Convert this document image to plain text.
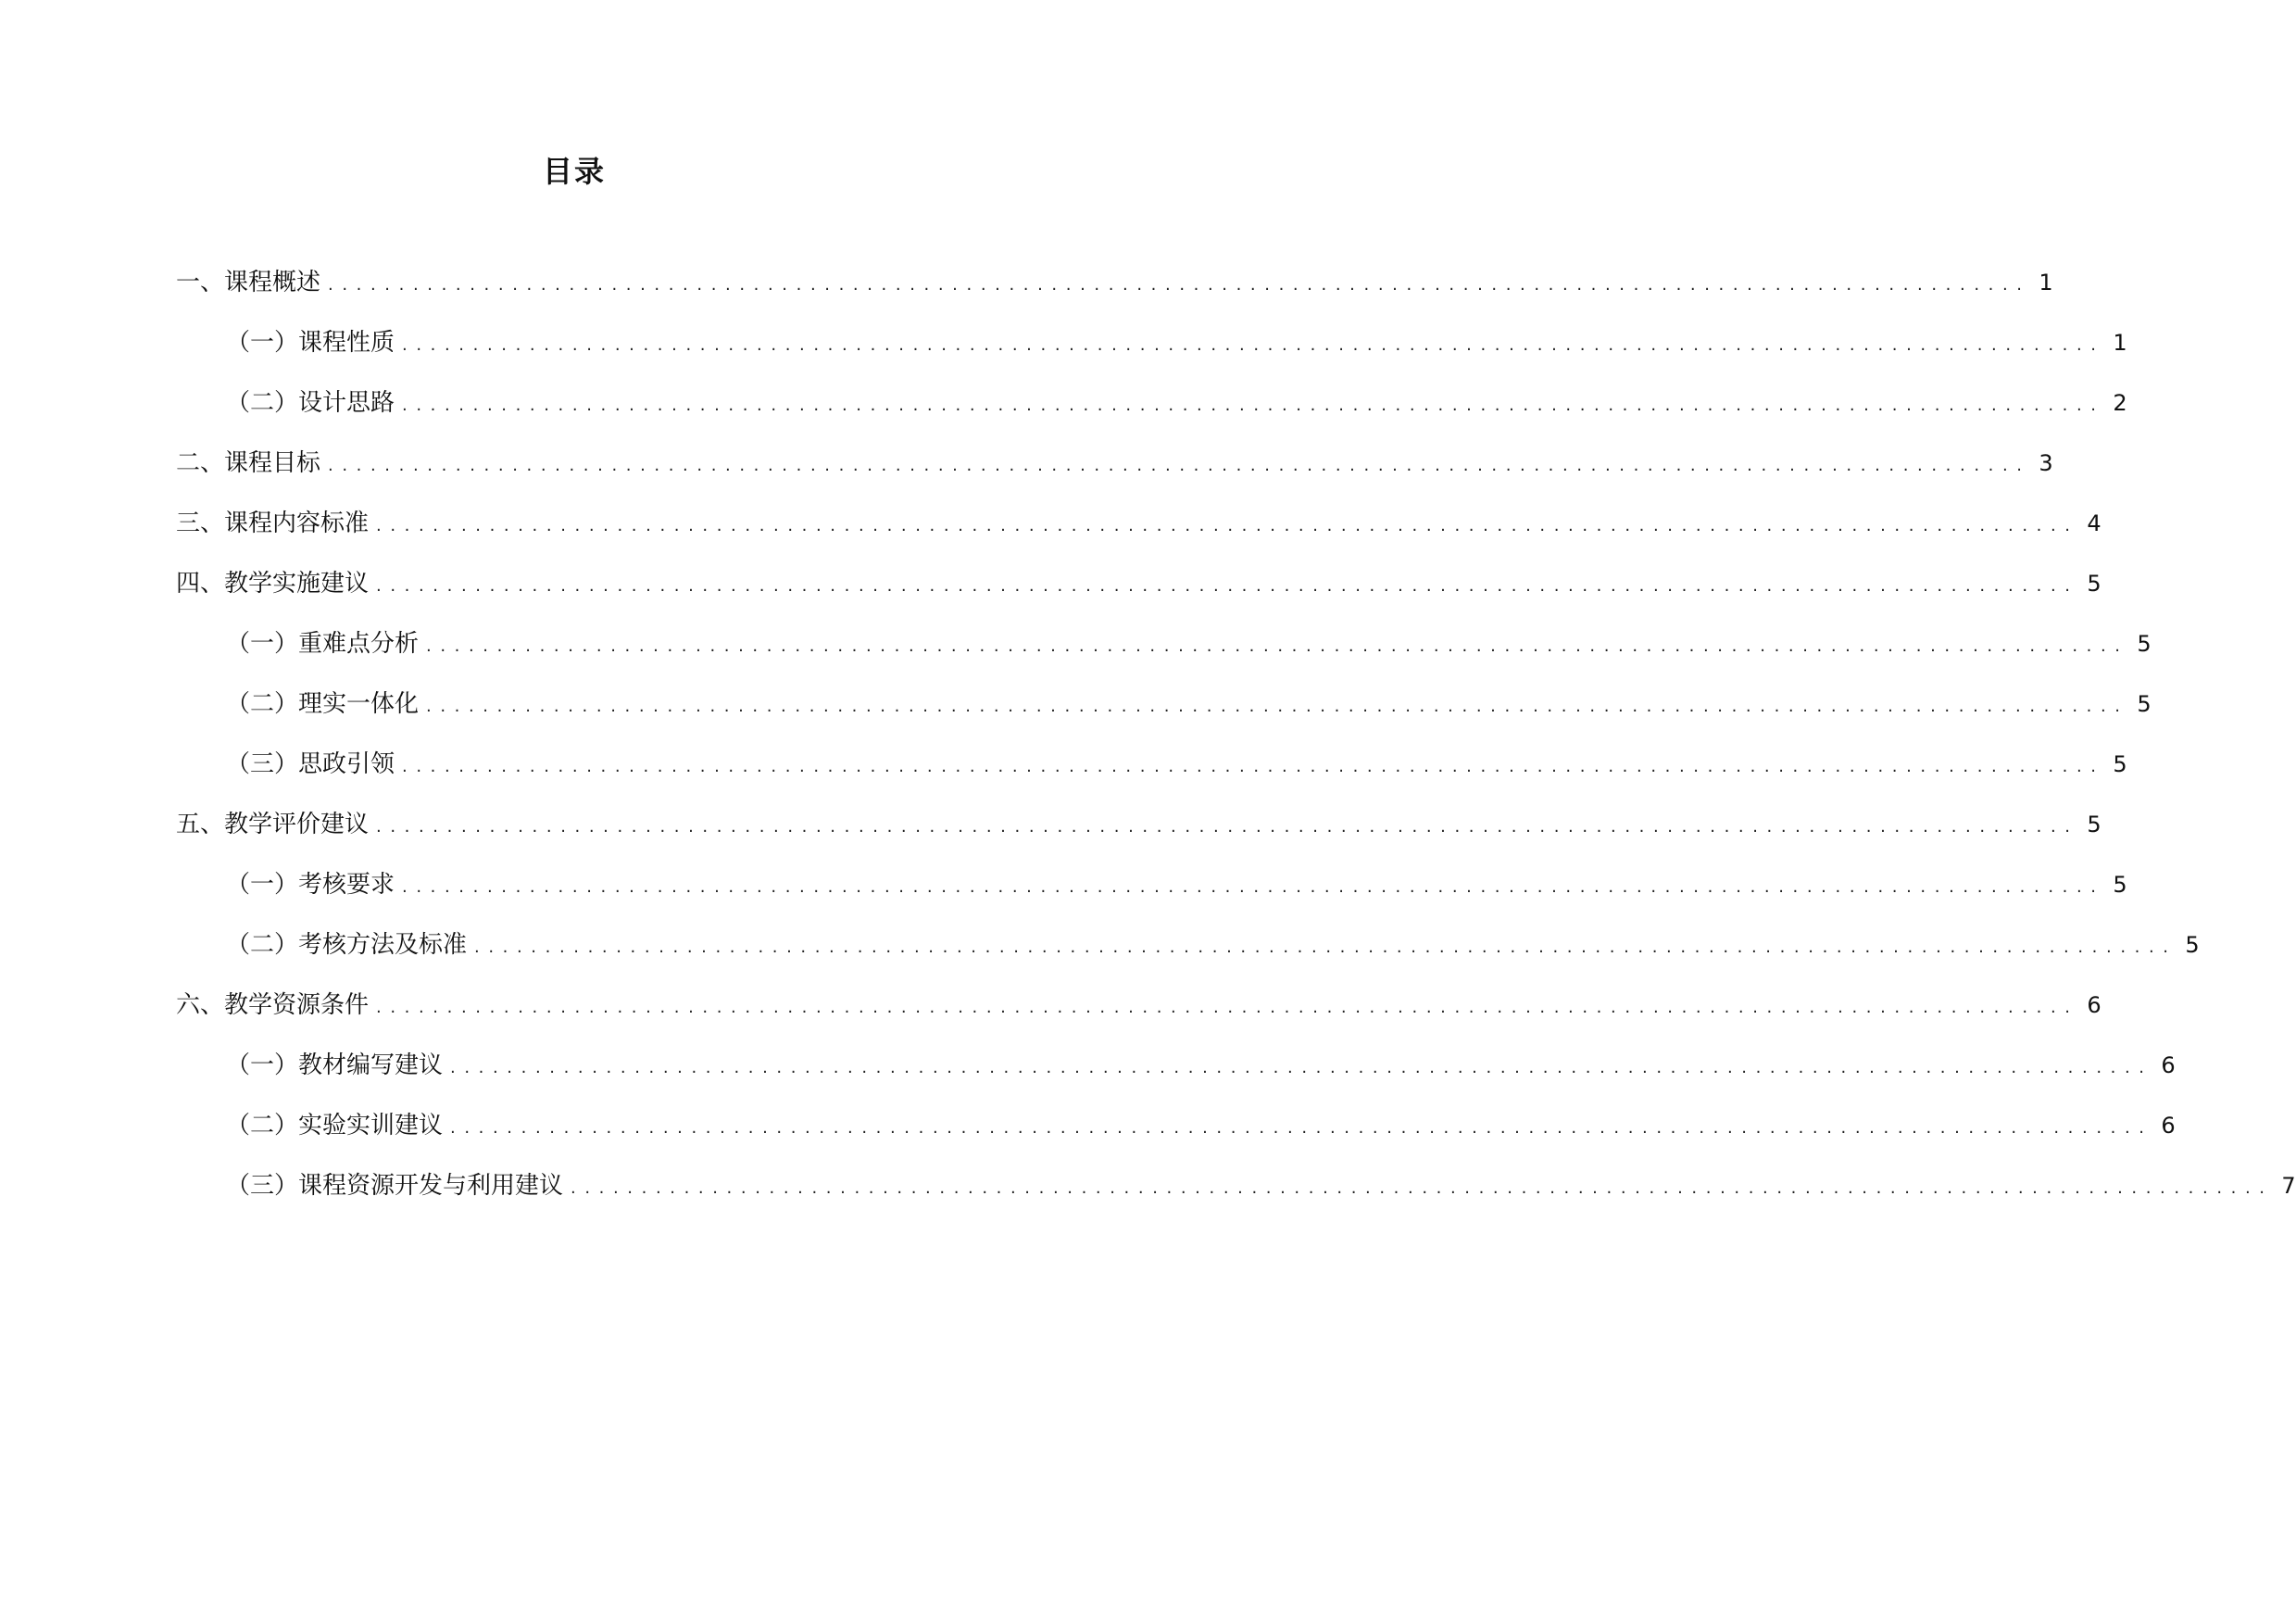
目录
一、课程概述 ........................................................................................................................ 1
（一）课程性质 ........................................................................................................................ 1
（二）设计思路 ........................................................................................................................ 2
二、课程目标 ........................................................................................................................ 3
三、课程内容标准 ........................................................................................................................ 4
四、教学实施建议 ........................................................................................................................ 5
（一）重难点分析 ........................................................................................................................ 5
（二）理实一体化 ........................................................................................................................ 5
（三）思政引领 ........................................................................................................................ 5
五、教学评价建议 ........................................................................................................................ 5
（一）考核要求 ........................................................................................................................ 5
（二）考核方法及标准 ........................................................................................................................ 5
六、教学资源条件 ........................................................................................................................ 6
（一）教材编写建议 ........................................................................................................................ 6
（二）实验实训建议 ........................................................................................................................ 6
（三）课程资源开发与利用建议 ........................................................................................................................ 7
